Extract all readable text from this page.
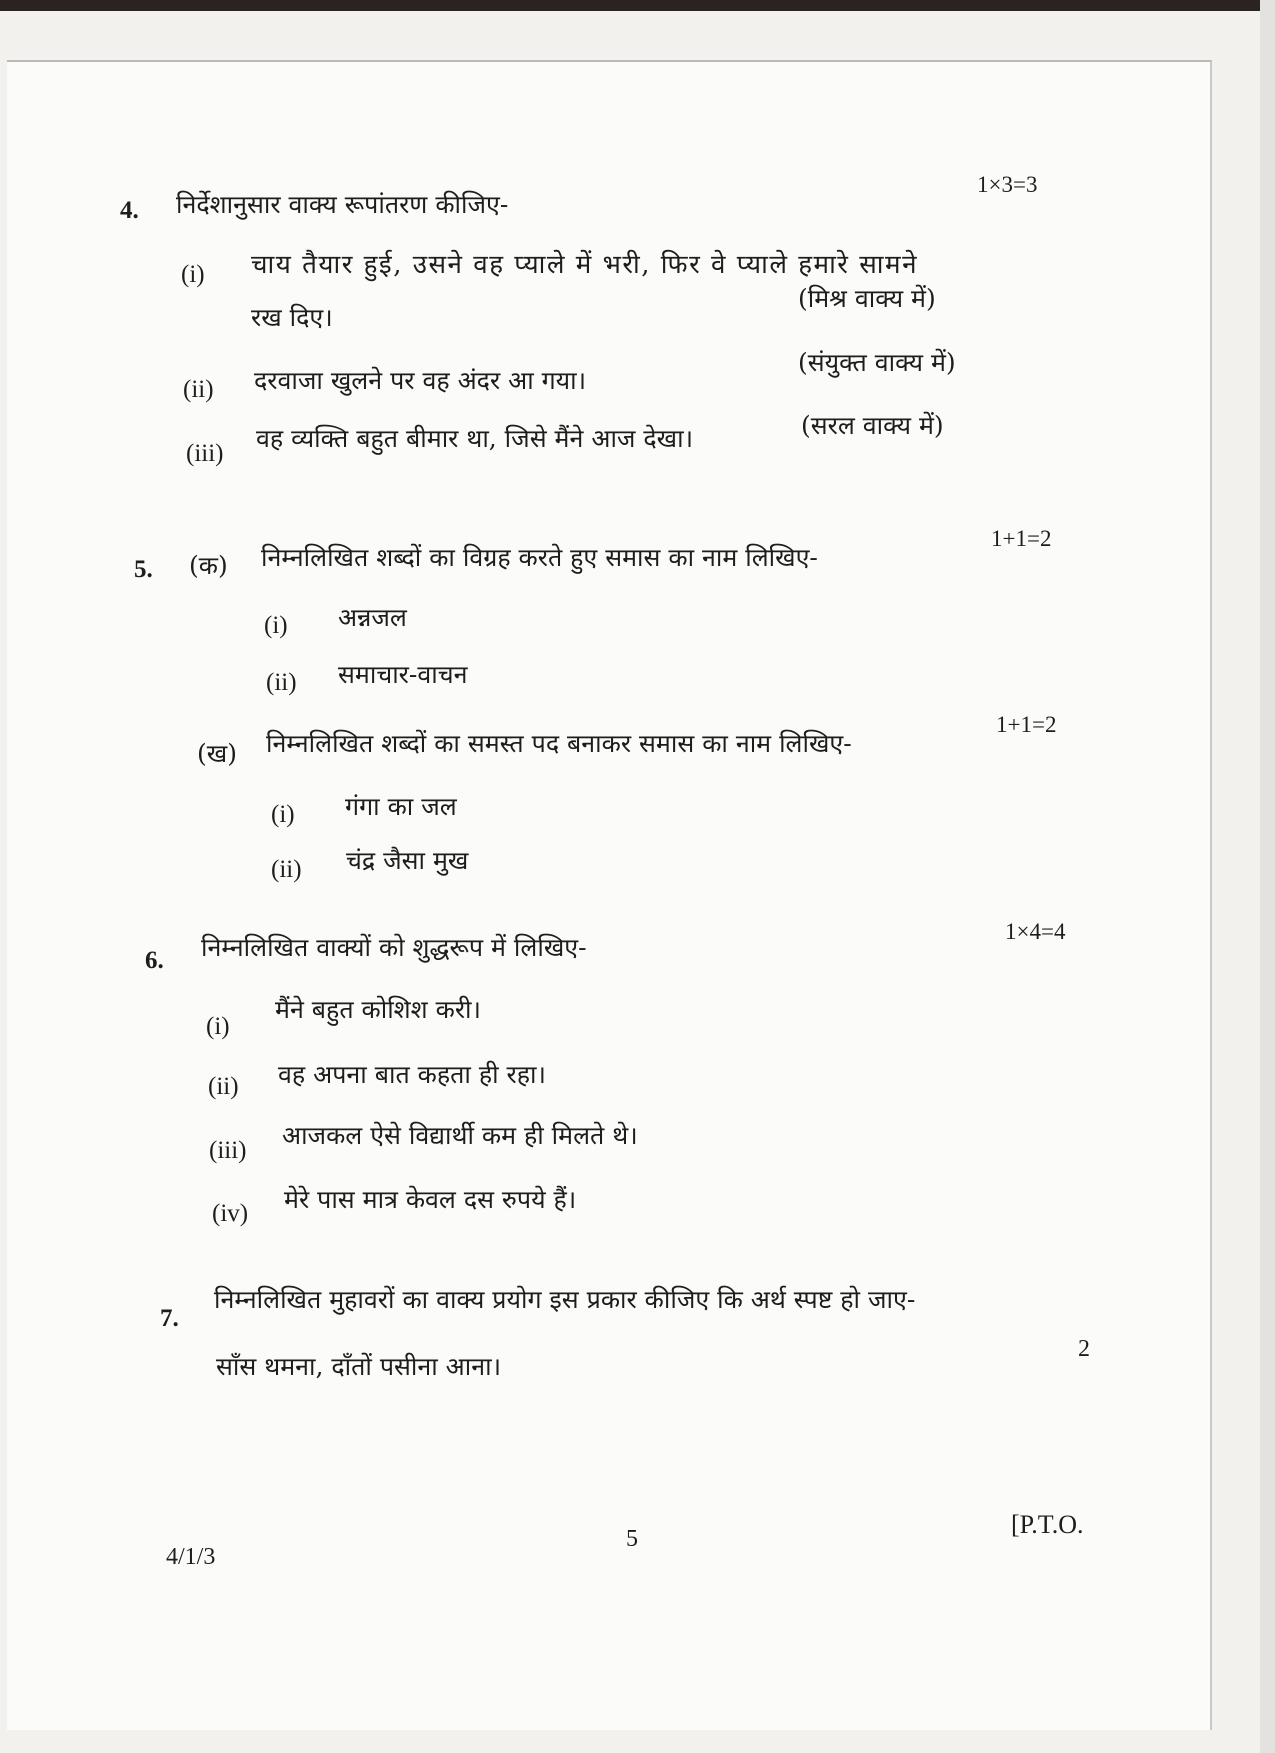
4. निर्देशानुसार वाक्य रूपांतरण कीजिए-
1×3=3
(i) चाय तैयार हुई, उसने वह प्याले में भरी, फिर वे प्याले हमारे सामने
रख दिए।
(मिश्र वाक्य में)
(ii) दरवाजा खुलने पर वह अंदर आ गया।
(संयुक्त वाक्य में)
(iii)
वह व्यक्ति बहुत बीमार था, जिसे मैंने आज देखा।	(सरल वाक्य में)
5. (क) निम्नलिखित शब्दों का विग्रह करते हुए समास का नाम लिखिए-
1+1=2
(i) अन्नजल
(ii) समाचार-वाचन
(ख) निम्नलिखित शब्दों का समस्त पद बनाकर समास का नाम लिखिए-
1+1=2
(i) गंगा का जल
(ii) चंद्र जैसा मुख
6. निम्नलिखित वाक्यों को शुद्धरूप में लिखिए-
1×4=4
(i)
मैंने बहुत कोशिश करी।
(ii) वह अपना बात कहता ही रहा।
(iii)
आजकल ऐसे विद्यार्थी कम ही मिलते थे।
(iv) मेरे पास मात्र केवल दस रुपये हैं।
7.
निम्नलिखित मुहावरों का वाक्य प्रयोग इस प्रकार कीजिए कि अर्थ स्पष्ट हो जाए-
साँस थमना, दाँतों पसीना आना।
2
4/1/3
5	[P.T.O.
